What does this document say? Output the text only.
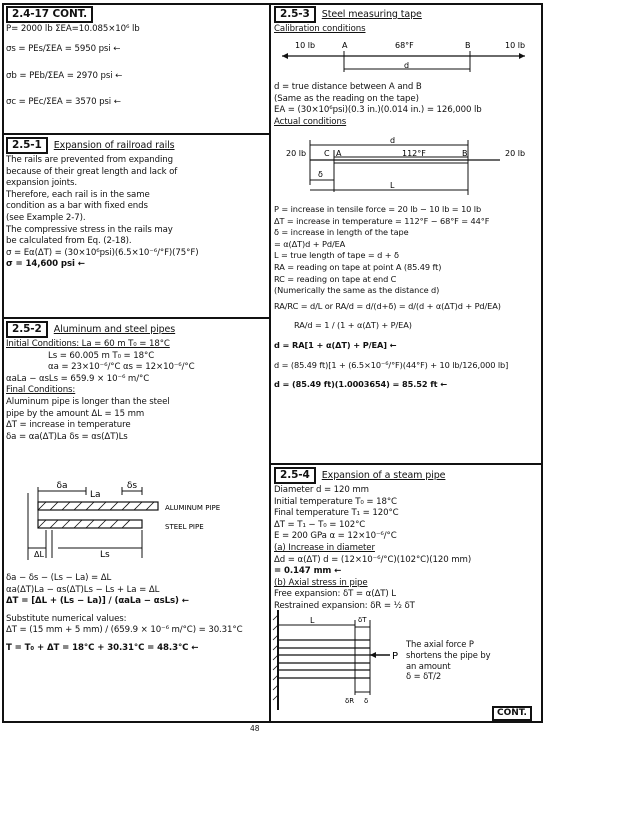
2.4-17 CONT.
P= 2000 lb ΣEA=10.085×10⁶ lb
σs = PEs/ΣEA = 5950 psi ←
σb = PEb/ΣEA = 2970 psi ←
σc = PEc/ΣEA = 3570 psi ←
2.5-1	Expansion of railroad rails
The rails are prevented from expanding
because of their great length and lack of
expansion joints.
Therefore, each rail is in the same
condition as a bar with fixed ends
(see Example 2-7).
The compressive stress in the rails may
be calculated from Eq. (2-18).
σ = Eα(ΔT) = (30×10⁶psi)(6.5×10⁻⁶/°F)(75°F)
σ = 14,600 psi ←
2.5-2	Aluminum and steel pipes
Initial Conditions: La = 60 m T₀ = 18°C
Ls = 60.005 m T₀ = 18°C
αa = 23×10⁻⁶/°C αs = 12×10⁻⁶/°C
αaLa − αsLs = 659.9 × 10⁻⁶ m/°C
Final Conditions:
Aluminum pipe is longer than the steel
pipe by the amount ΔL = 15 mm
ΔT = increase in temperature
δa = αa(ΔT)La δs = αs(ΔT)Ls
δa	δs
ALUMINUM PIPE
STEEL PIPE
ΔL	Ls
La
δa − δs − (Ls − La) = ΔL
αa(ΔT)La − αs(ΔT)Ls − Ls + La = ΔL
ΔT = [ΔL + (Ls − La)] / (αaLa − αsLs) ←
Substitute numerical values:
ΔT = (15 mm + 5 mm) / (659.9 × 10⁻⁶ m/°C) = 30.31°C
T = T₀ + ΔT = 18°C + 30.31°C = 48.3°C ←
2.5-3	Steel measuring tape
Calibration conditions
10 lb	A	68°F	B	10 lb
d
20 lb C A	112°F	B	20 lb
d
δ
L
d = true distance between A and B
(Same as the reading on the tape)
EA = (30×10⁶psi)(0.3 in.)(0.014 in.) = 126,000 lb
Actual conditions
P = increase in tensile force = 20 lb − 10 lb = 10 lb
ΔT = increase in temperature = 112°F − 68°F = 44°F
δ = increase in length of the tape
= α(ΔT)d + Pd/EA
L = true length of tape = d + δ
RA = reading on tape at point A (85.49 ft)
RC = reading on tape at end C
(Numerically the same as the distance d)
RA/RC = d/L or RA/d = d/(d+δ) = d/(d + α(ΔT)d + Pd/EA)
RA/d = 1 / (1 + α(ΔT) + P/EA)
d = RA[1 + α(ΔT) + P/EA] ←
d = (85.49 ft)[1 + (6.5×10⁻⁶/°F)(44°F) + 10 lb/126,000 lb]
d = (85.49 ft)(1.0003654) = 85.52 ft ←
2.5-4	Expansion of a steam pipe
Diameter d = 120 mm
Initial temperature T₀ = 18°C
Final temperature T₁ = 120°C
ΔT = T₁ − T₀ = 102°C
E = 200 GPa α = 12×10⁻⁶/°C
(a) Increase in diameter
Δd = α(ΔT) d = (12×10⁻⁶/°C)(102°C)(120 mm)
= 0.147 mm ←
(b) Axial stress in pipe
Free expansion: δT = α(ΔT) L
Restrained expansion: δR = ½ δT
L	δT
P
δR δ
The axial force P
shortens the pipe by
an amount
δ = δT/2
CONT.
48
